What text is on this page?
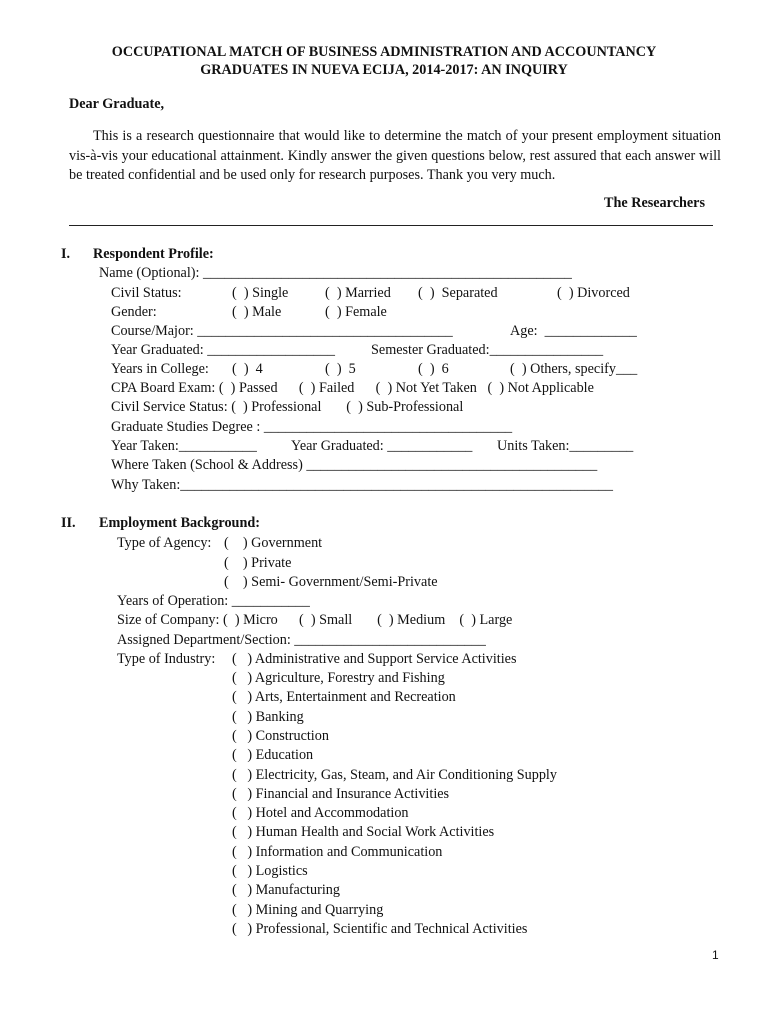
OCCUPATIONAL MATCH OF BUSINESS ADMINISTRATION AND ACCOUNTANCY
GRADUATES IN NUEVA ECIJA, 2014-2017: AN INQUIRY
Dear Graduate,
This is a research questionnaire that would like to determine the match of your present employment situation vis-à-vis your educational attainment. Kindly answer the given questions below, rest assured that each answer will be treated confidential and be used only for research purposes. Thank you very much.
The Researchers
I. Respondent Profile:
Name (Optional): ____________________________________________________
Civil Status:	(  ) Single	(  ) Married (  )  Separated	(  ) Divorced
Gender:	(  ) Male	(  ) Female
Course/Major: ____________________________________	Age:  _____________
Year Graduated: __________________	Semester Graduated:________________
Years in College: (  )  4	(  )  5	(  )  6	(  ) Others, specify___
CPA Board Exam: (  ) Passed      (  ) Failed      (  ) Not Yet Taken   (  ) Not Applicable
Civil Service Status: (  ) Professional       (  ) Sub-Professional
Graduate Studies Degree : ___________________________________
Year Taken:___________ Year Graduated: ____________ Units Taken:_________
Where Taken (School & Address) _________________________________________
Why Taken:_____________________________________________________________
II. Employment Background:
Type of Agency: (    ) Government
(    ) Private
(    ) Semi- Government/Semi-Private
Years of Operation: ___________
Size of Company: (  ) Micro      (  ) Small       (  ) Medium    (  ) Large
Assigned Department/Section: ___________________________
Type of Industry: (   ) Administrative and Support Service Activities
(   ) Agriculture, Forestry and Fishing
(   ) Arts, Entertainment and Recreation
(   ) Banking
(   ) Construction
(   ) Education
(   ) Electricity, Gas, Steam, and Air Conditioning Supply
(   ) Financial and Insurance Activities
(   ) Hotel and Accommodation
(   ) Human Health and Social Work Activities
(   ) Information and Communication
(   ) Logistics
(   ) Manufacturing
(   ) Mining and Quarrying
(   ) Professional, Scientific and Technical Activities
1
